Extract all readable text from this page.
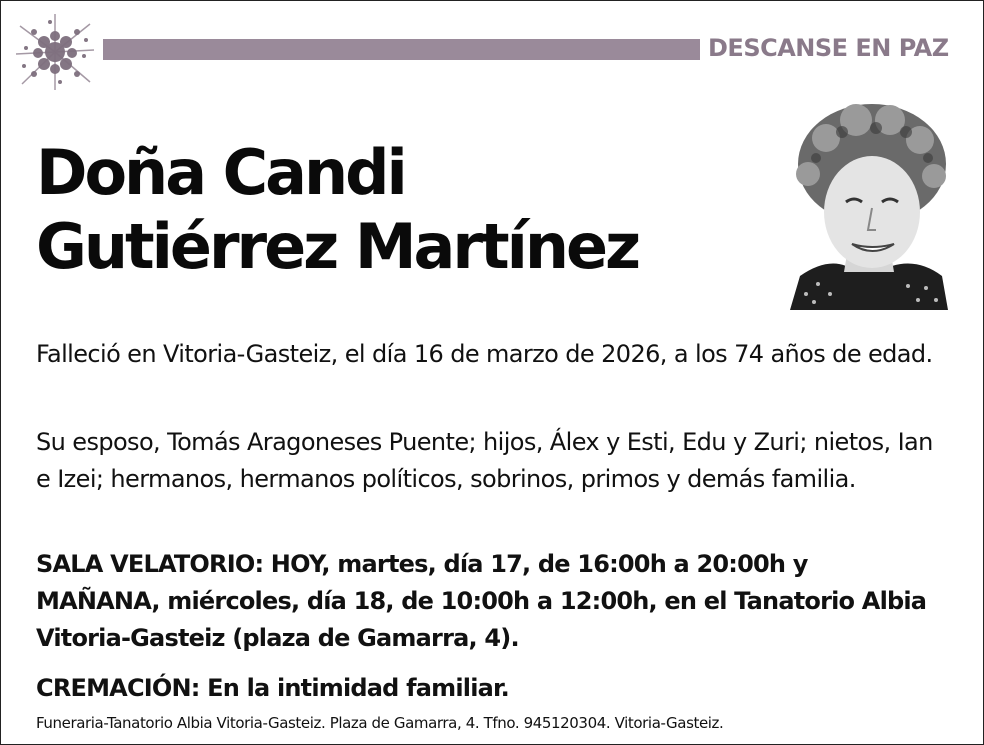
DESCANSE EN PAZ
Doña Candi
Gutiérrez Martínez
Falleció en Vitoria-Gasteiz, el día 16 de marzo de 2026, a los 74 años de edad.
Su esposo, Tomás Aragoneses Puente; hijos, Álex y Esti, Edu y Zuri; nietos, Ian e Izei; hermanos, hermanos políticos, sobrinos, primos y demás familia.
SALA VELATORIO: HOY, martes, día 17, de 16:00h a 20:00h y MAÑANA, miércoles, día 18, de 10:00h a 12:00h, en el Tanatorio Albia Vitoria-Gasteiz (plaza de Gamarra, 4).
CREMACIÓN: En la intimidad familiar.
Funeraria-Tanatorio Albia Vitoria-Gasteiz. Plaza de Gamarra, 4. Tfno. 945120304. Vitoria-Gasteiz.
